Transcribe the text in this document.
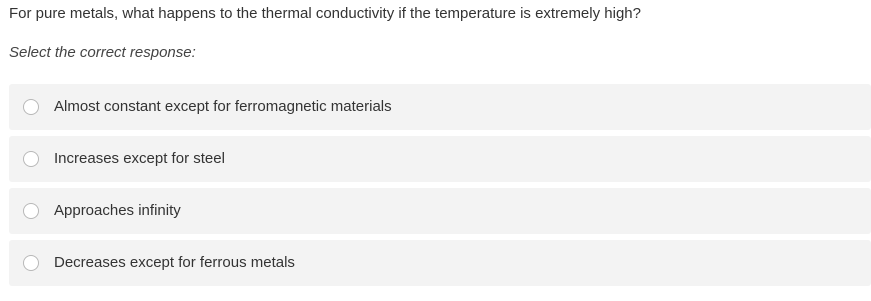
For pure metals, what happens to the thermal conductivity if the temperature is extremely high?
Select the correct response:
Almost constant except for ferromagnetic materials
Increases except for steel
Approaches infinity
Decreases except for ferrous metals
